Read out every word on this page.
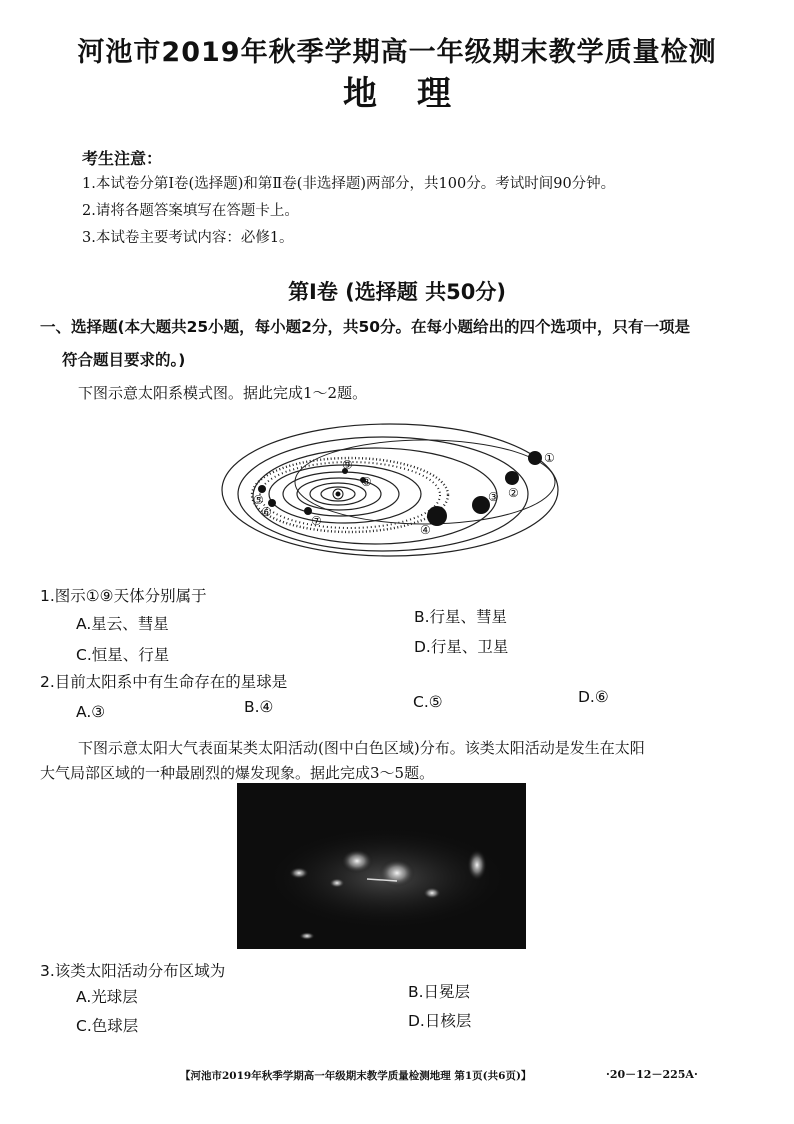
河池市2019年秋季学期高一年级期末教学质量检测
地理
考生注意：
1.本试卷分第Ⅰ卷(选择题)和第Ⅱ卷(非选择题)两部分，共100分。考试时间90分钟。
2.请将各题答案填写在答题卡上。
3.本试卷主要考试内容：必修1。
第Ⅰ卷 (选择题 共50分)
一、选择题(本大题共25小题，每小题2分，共50分。在每小题给出的四个选项中，只有一项是
符合题目要求的。)
下图示意太阳系模式图。据此完成1～2题。
①
②
③
④
⑤
⑥
⑦
⑧
⑨
1.图示①⑨天体分别属于
A.星云、彗星	B.行星、彗星
C.恒星、行星	D.行星、卫星
2.目前太阳系中有生命存在的星球是
A.③	B.④	C.⑤	D.⑥
下图示意太阳大气表面某类太阳活动(图中白色区域)分布。该类太阳活动是发生在太阳
大气局部区域的一种最剧烈的爆发现象。据此完成3～5题。
3.该类太阳活动分布区域为
A.光球层	B.日冕层
C.色球层	D.日核层
【河池市2019年秋季学期高一年级期末教学质量检测地理 第1页(共6页)】	·20－12－225A·
